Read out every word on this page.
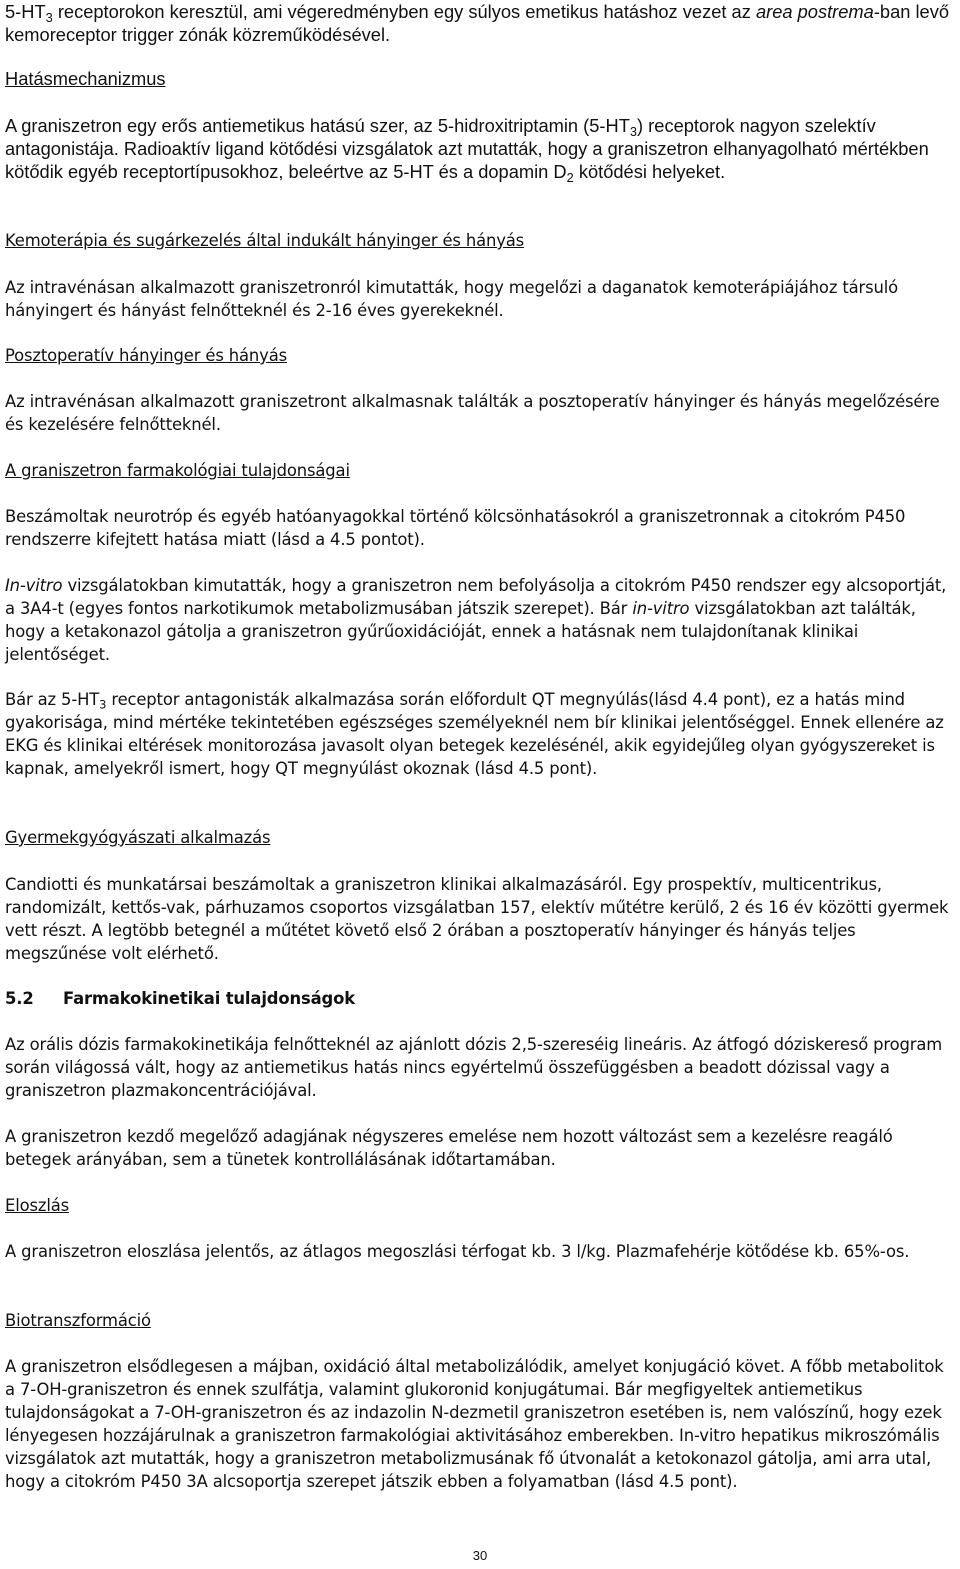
$5-HT_3$ receptorokon keresztül, ami végeredményben egy súlyos emetikus hatáshoz vezet az area postrema-ban levő kemoreceptor trigger zónák közreműködésével.

Hatásmechanizmus

A graniszetron egy erős antiemetikus hatású szer, az 5-hidroxitriptamin $(5-HT_3)$ receptorok nagyon szelektív antagonistája. Radioaktív ligand kötődési vizsgálatok azt mutatták, hogy a graniszetron elhanyagolható mértékben kötődik egyéb receptortípusokhoz, beleértve az 5-HT és a dopamin $D_2$ kötődési helyeket.

Kemoterápia és sugárkezelés által indukált hányinger és hányás

Az intravénásan alkalmazott graniszetronról kimutatták, hogy megelőzi a daganatok kemoterápiájához társuló hányingert és hányást felnőtteknél és 2-16 éves gyerekeknél.

Posztoperatív hányinger és hányás

Az intravénásan alkalmazott graniszetront alkalmasnak találták a posztoperatív hányinger és hányás megelőzésére és kezelésére felnőtteknél.

A graniszetron farmakológiai tulajdonságai

Beszámoltak neurotróp és egyéb hatóanyagokkal történő kölcsönhatásokról a graniszetronnak a citokróm P450 rendszerre kifejtett hatása miatt (lásd a 4.5 pontot).

In-vitro vizsgálatokban kimutatták, hogy a graniszetron nem befolyásolja a citokróm P450 rendszer egy alcsoportját, a 3A4-t (egyes fontos narkotikumok metabolizmusában játszik szerepet). Bár in-vitro vizsgálatokban azt találták, hogy a ketakonazol gátolja a graniszetron gyűrűoxidációját, ennek a hatásnak nem tulajdonítanak klinikai jelentőséget.

Bár az $5-HT_3$ receptor antagonisták alkalmazása során előfordult QT megnyúlás(lásd 4.4 pont), ez a hatás mind gyakorisága, mind mértéke tekintetében egészséges személyeknél nem bír klinikai jelentőséggel. Ennek ellenére az EKG és klinikai eltérések monitorozása javasolt olyan betegek kezelésénél, akik egyidejűleg olyan gyógyszereket is kapnak, amelyekről ismert, hogy QT megnyúlást okoznak (lásd 4.5 pont).

Gyermekgyógyászati alkalmazás

Candiotti és munkatársai beszámoltak a graniszetron klinikai alkalmazásáról. Egy prospektív, multicentrikus, randomizált, kettős-vak, párhuzamos csoportos vizsgálatban 157, elektív műtétre kerülő, 2 és 16 év közötti gyermek vett részt. A legtöbb betegnél a műtétet követő első 2 órában a posztoperatív hányinger és hányás teljes megszűnése volt elérhető.

5.2 Farmakokinetikai tulajdonságok

Az orális dózis farmakokinetikája felnőtteknél az ajánlott dózis 2,5-szereséig lineáris. Az átfogó dóziskereső program során világossá vált, hogy az antiemetikus hatás nincs egyértelmű összefüggésben a beadott dózissal vagy a graniszetron plazmakoncentrációjával.

A graniszetron kezdő megelőző adagjának négyszeres emelése nem hozott változást sem a kezelésre reagáló betegek arányában, sem a tünetek kontrollálásának időtartamában.

Eloszlás

A graniszetron eloszlása jelentős, az átlagos megoszlási térfogat kb. 3 l/kg. Plazmafehérje kötődése kb. 65%-os.

Biotranszformáció

A graniszetron elsődlegesen a májban, oxidáció által metabolizálódik, amelyet konjugáció követ. A főbb metabolitok a 7-OH-graniszetron és ennek szulfátja, valamint glukoronid konjugátumai. Bár megfigyeltek antiemetikus tulajdonságokat a 7-OH-graniszetron és az indazolin N-dezmetil graniszetron esetében is, nem valószínű, hogy ezek lényegesen hozzájárulnak a graniszetron farmakológiai aktivitásához emberekben. In-vitro hepatikus mikroszómális vizsgálatok azt mutatták, hogy a graniszetron metabolizmusának fő útvonalát a ketokonazol gátolja, ami arra utal, hogy a citokróm P450 3A alcsoportja szerepet játszik ebben a folyamatban (lásd 4.5 pont).

30
